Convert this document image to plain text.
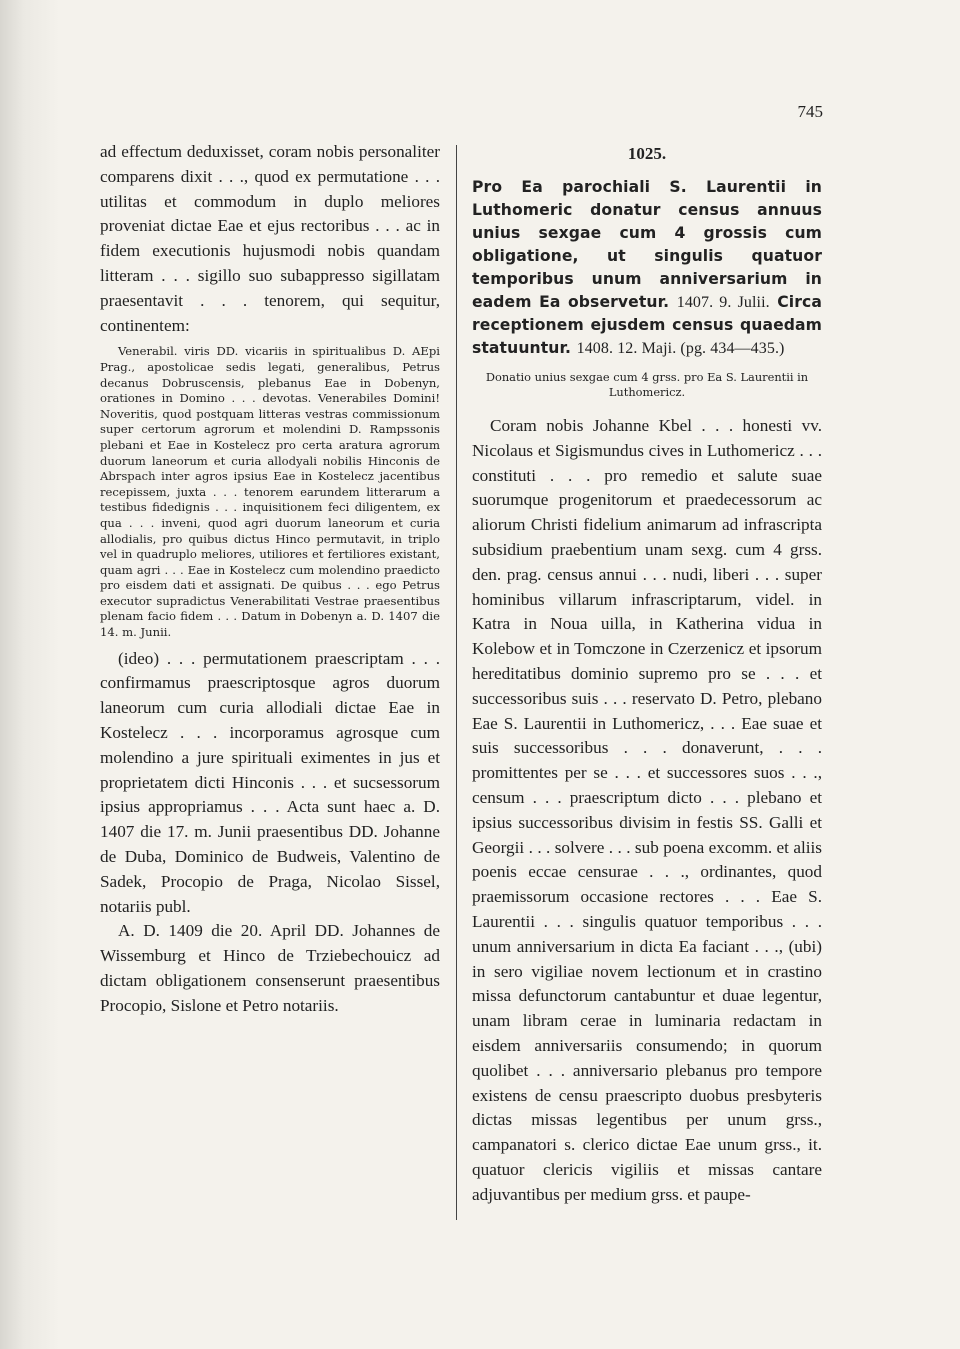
745

ad effectum deduxisset, coram nobis personaliter comparens dixit . . ., quod ex permutatione . . . utilitas et commodum in duplo meliores proveniat dictae Eae et ejus rectoribus . . . ac in fidem executionis hujusmodi nobis quandam litteram . . . sigillo suo subappresso sigillatam praesentavit . . . tenorem, qui sequitur, continentem:

Venerabil. viris DD. vicariis in spiritualibus D. AEpi Prag., apostolicae sedis legati, generalibus, Petrus decanus Dobruscensis, plebanus Eae in Dobenyn, orationes in Domino . . . devotas. Venerabiles Domini! Noveritis, quod postquam litteras vestras commissionum super certorum agrorum et molendini D. Rampssonis plebani et Eae in Kostelecz pro certa aratura agrorum duorum laneorum et curia allodyali nobilis Hinconis de Abrspach inter agros ipsius Eae in Kostelecz jacentibus recepissem, juxta . . . tenorem earundem litterarum a testibus fidedignis . . . inquisitionem feci diligentem, ex qua . . . inveni, quod agri duorum laneorum et curia allodialis, pro quibus dictus Hinco permutavit, in triplo vel in quadruplo meliores, utiliores et fertiliores existant, quam agri . . . Eae in Kostelecz cum molendino praedicto pro eisdem dati et assignati. De quibus . . . ego Petrus executor supradictus Venerabilitati Vestrae praesentibus plenam facio fidem . . . Datum in Dobenyn a. D. 1407 die 14. m. Junii.

(ideo) . . . permutationem praescriptam . . . confirmamus praescriptosque agros duorum laneorum cum curia allodiali dictae Eae in Kostelecz . . . incorporamus agrosque cum molendino a jure spirituali eximentes in jus et proprietatem dicti Hinconis . . . et sucsessorum ipsius appropriamus . . . Acta sunt haec a. D. 1407 die 17. m. Junii praesentibus DD. Johanne de Duba, Dominico de Budweis, Valentino de Sadek, Procopio de Praga, Nicolao Sissel, notariis publ.

A. D. 1409 die 20. April DD. Johannes de Wissemburg et Hinco de Trziebechouicz ad dictam obligationem consenserunt praesentibus Procopio, Sislone et Petro notariis.

1025.

Pro Ea parochiali S. Laurentii in Luthomeric donatur census annuus unius sexgae cum 4 grossis cum obligatione, ut singulis quatuor temporibus unum anniversarium in eadem Ea observetur. 1407. 9. Julii. Circa receptionem ejusdem census quaedam statuuntur. 1408. 12. Maji. (pg. 434—435.)

Donatio unius sexgae cum 4 grss. pro Ea S. Laurentii in Luthomericz.

Coram nobis Johanne Kbel . . . honesti vv. Nicolaus et Sigismundus cives in Luthomericz . . . constituti . . . pro remedio et salute suae suorumque progenitorum et praedecessorum ac aliorum Christi fidelium animarum ad infrascripta subsidium praebentium unam sexg. cum 4 grss. den. prag. census annui . . . nudi, liberi . . . super hominibus villarum infrascriptarum, videl. in Katra in Noua uilla, in Katherina vidua in Kolebow et in Tomczone in Czerzenicz et ipsorum hereditatibus dominio supremo pro se . . . et successoribus suis . . . reservato D. Petro, plebano Eae S. Laurentii in Luthomericz, . . . Eae suae et suis successoribus . . . donaverunt, . . . promittentes per se . . . et successores suos . . ., censum . . . praescriptum dicto . . . plebano et ipsius successoribus divisim in festis SS. Galli et Georgii . . . solvere . . . sub poena excomm. et aliis poenis eccae censurae . . ., ordinantes, quod praemissorum occasione rectores . . . Eae S. Laurentii . . . singulis quatuor temporibus . . . unum anniversarium in dicta Ea faciant . . ., (ubi) in sero vigiliae novem lectionum et in crastino missa defunctorum cantabuntur et duae legentur, unam libram cerae in luminaria redactam in eisdem anniversariis consumendo; in quorum quolibet . . . anniversario plebanus pro tempore existens de censu praescripto duobus presbyteris dictas missas legentibus per unum grss., campanatori s. clerico dictae Eae unum grss., it. quatuor clericis vigiliis et missas cantare adjuvantibus per medium grss. et paupe-
